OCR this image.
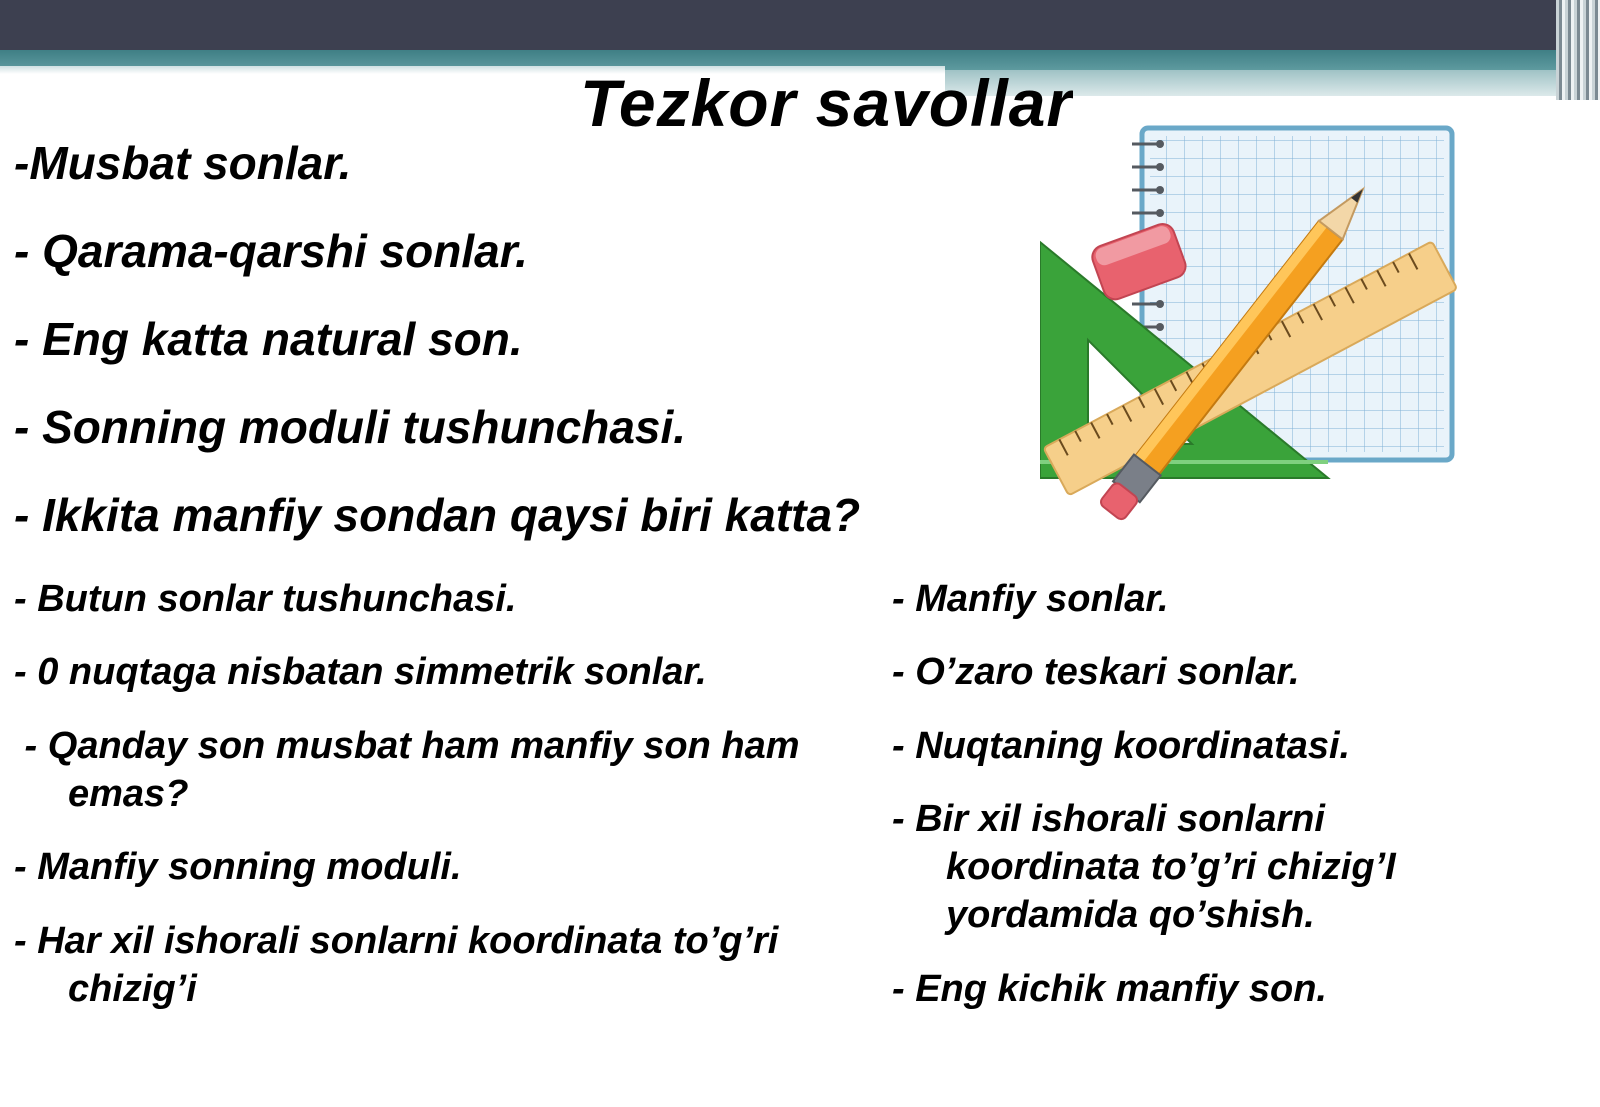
Tezkor savollar

-Musbat sonlar.

- Qarama-qarshi sonlar.

- Eng katta natural son.

- Sonning moduli tushunchasi.

- Ikkita manfiy sondan qaysi biri katta?

- Butun sonlar tushunchasi.

- 0 nuqtaga nisbatan simmetrik sonlar.

- Qanday son musbat ham manfiy son ham

emas?

- Manfiy sonning moduli.

- Har xil ishorali sonlarni koordinata to’g’ri

chizig’i

- Manfiy sonlar.

- O’zaro teskari sonlar.

- Nuqtaning koordinatasi.

- Bir xil ishorali sonlarni

koordinata to’g’ri chizig’I

yordamida qo’shish.

- Eng kichik manfiy son.
